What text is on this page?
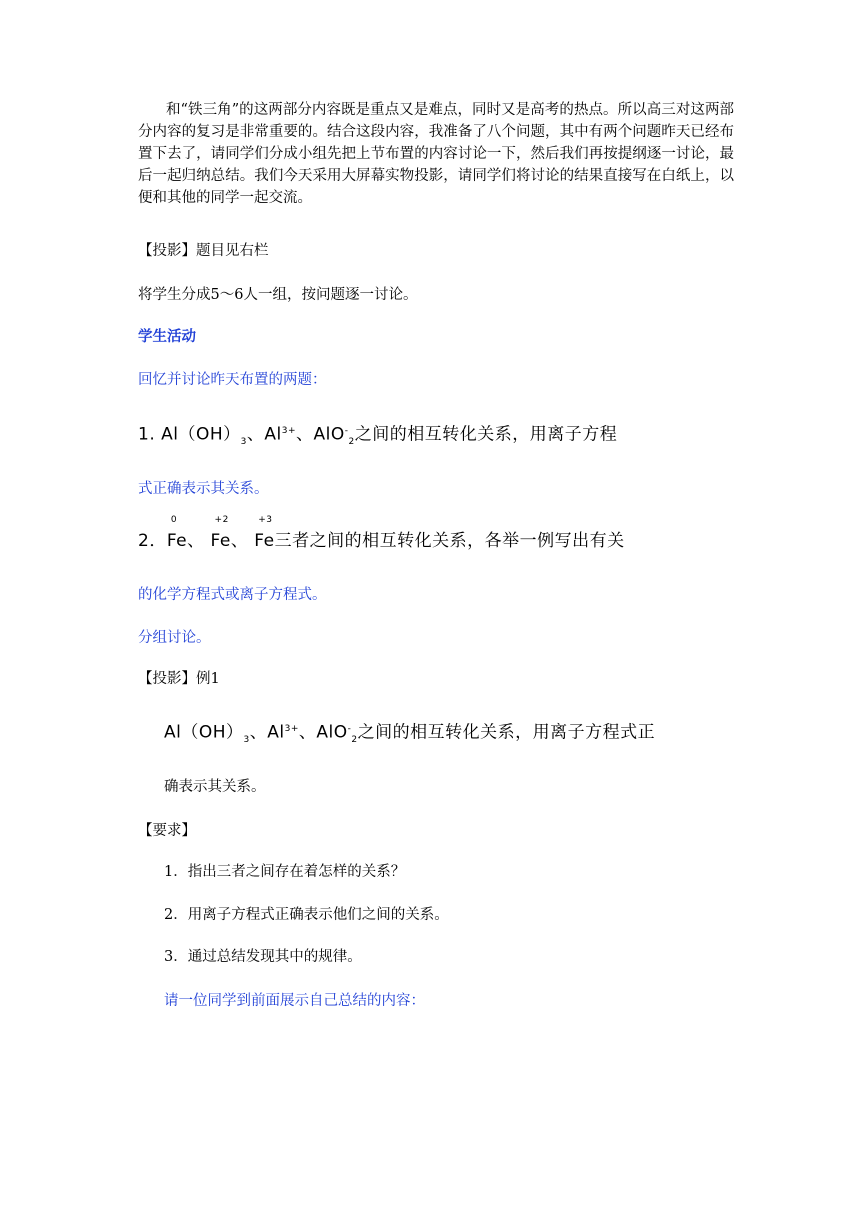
和“铁三角”的这两部分内容既是重点又是难点，同时又是高考的热点。所以高三对这两部分内容的复习是非常重要的。结合这段内容，我准备了八个问题，其中有两个问题昨天已经布置下去了，请同学们分成小组先把上节布置的内容讨论一下，然后我们再按提纲逐一讨论，最后一起归纳总结。我们今天采用大屏幕实物投影，请同学们将讨论的结果直接写在白纸上，以便和其他的同学一起交流。

【投影】题目见右栏

将学生分成5～6人一组，按问题逐一讨论。

学生活动

回忆并讨论昨天布置的两题：

1. $Al(OH)_3$、$Al^{3+}$、AlO-$_2$之间的相互转化关系，用离子方程

式正确表示其关系。

2．
0
Fe、
+2
Fe、
+3
Fe三者之间的相互转化关系，各举一例写出有关

的化学方程式或离子方程式。

分组讨论。

【投影】例1

$Al(OH)_3$、$Al^{3+}$、AlO-$_2$之间的相互转化关系，用离子方程式正

确表示其关系。

【要求】

1．指出三者之间存在着怎样的关系？

2．用离子方程式正确表示他们之间的关系。

3．通过总结发现其中的规律。

请一位同学到前面展示自己总结的内容：
